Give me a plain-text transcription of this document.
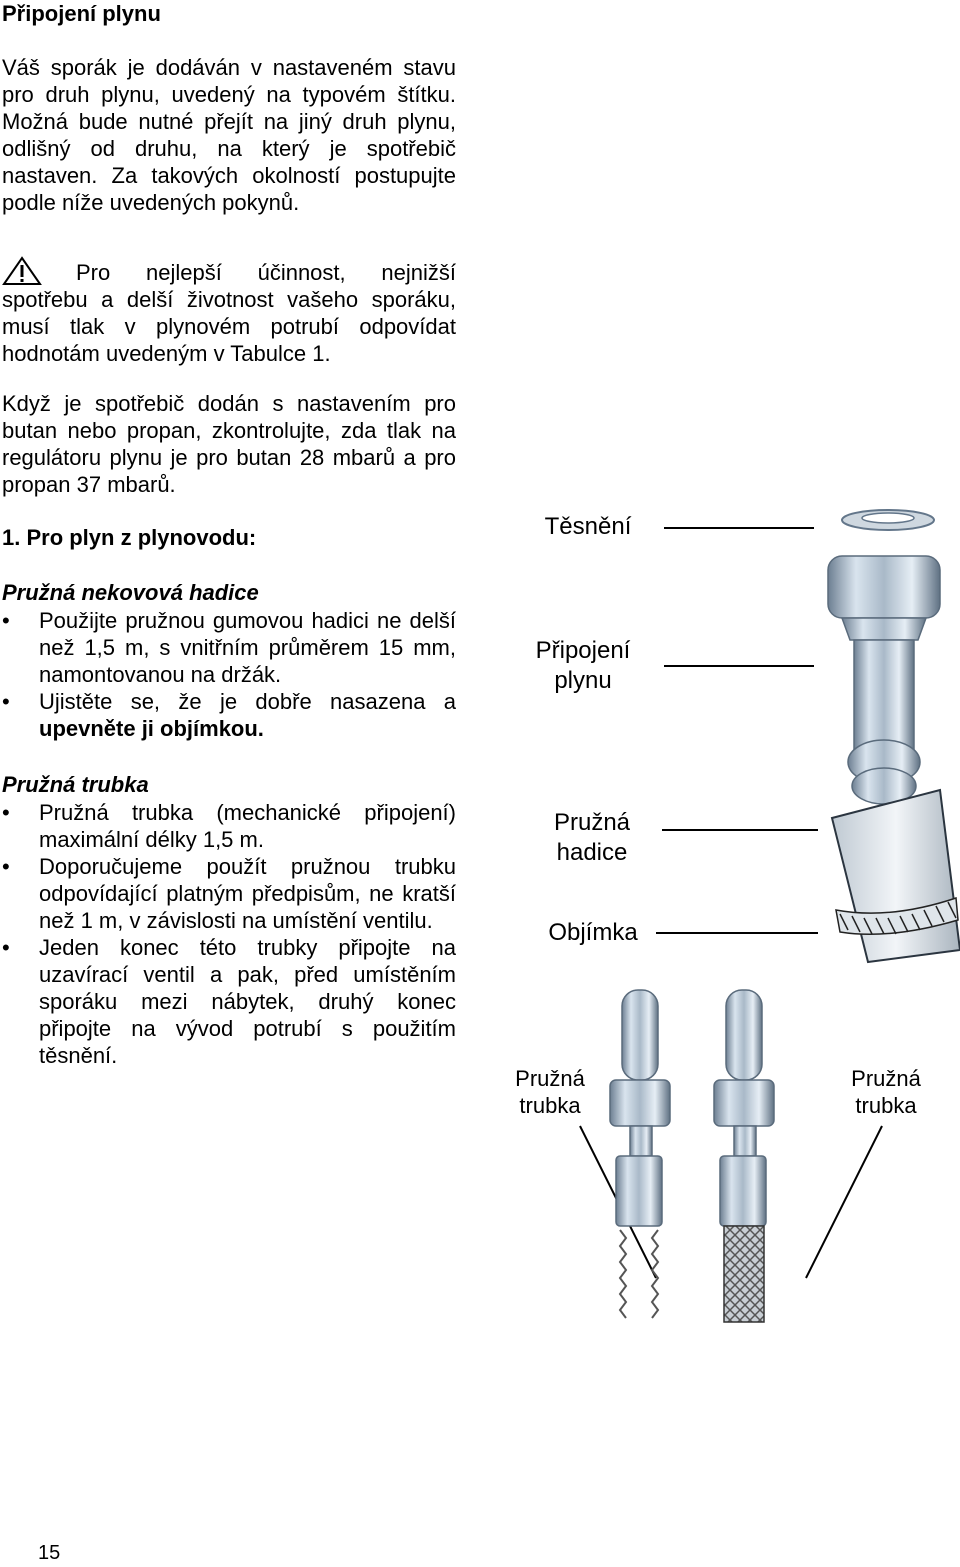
Připojení plynu

Váš sporák je dodáván v nastaveném stavu pro druh plynu, uvedený na typovém štítku. Možná bude nutné přejít na jiný druh plynu, odlišný od druhu, na který je spotřebič nastaven. Za takových okolností postupujte podle níže uvedených pokynů.

Pro nejlepší účinnost, nejnižší spotřebu a delší životnost vašeho sporáku, musí tlak v plynovém potrubí odpovídat hodnotám uvedeným v Tabulce 1.

Když je spotřebič dodán s nastavením pro butan nebo propan, zkontrolujte, zda tlak na regulátoru plynu je pro butan 28 mbarů a pro propan 37 mbarů.

1. Pro plyn z plynovodu:
Pružná nekovová hadice
• Použijte pružnou gumovou hadici ne delší než 1,5 m, s vnitřním průměrem 15 mm, namontovanou na držák.
• Ujistěte se, že je dobře nasazena a upevněte ji objímkou.
Pružná trubka
• Pružná trubka (mechanické připojení) maximální délky 1,5 m.
• Doporučujeme použít pružnou trubku odpovídající platným předpisům, ne kratší než 1 m, v závislosti na umístění ventilu.
• Jeden konec této trubky připojte na uzavírací ventil a pak, před umístěním sporáku mezi nábytek, druhý konec připojte na vývod potrubí s použitím těsnění.
Těsnění
Připojení
plynu
Pružná
hadice
Objímka
Pružná
trubka
Pružná
trubka
15
